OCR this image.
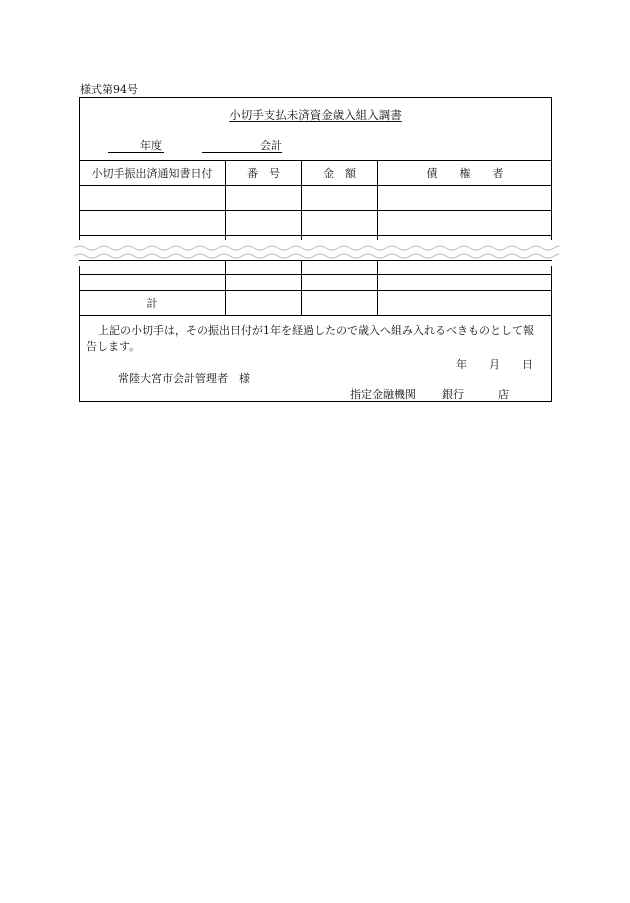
様式第94号
小切手支払未済資金歳入組入調書
年度	会計
小切手振出済通知書日付	番　号	金　額	債　　権　　者
計
上記の小切手は，その振出日付が1年を経過したので歳入へ組み入れるべきものとして報告します。
年　　月　　日
常陸大宮市会計管理者　様
指定金融機関 銀行	店
